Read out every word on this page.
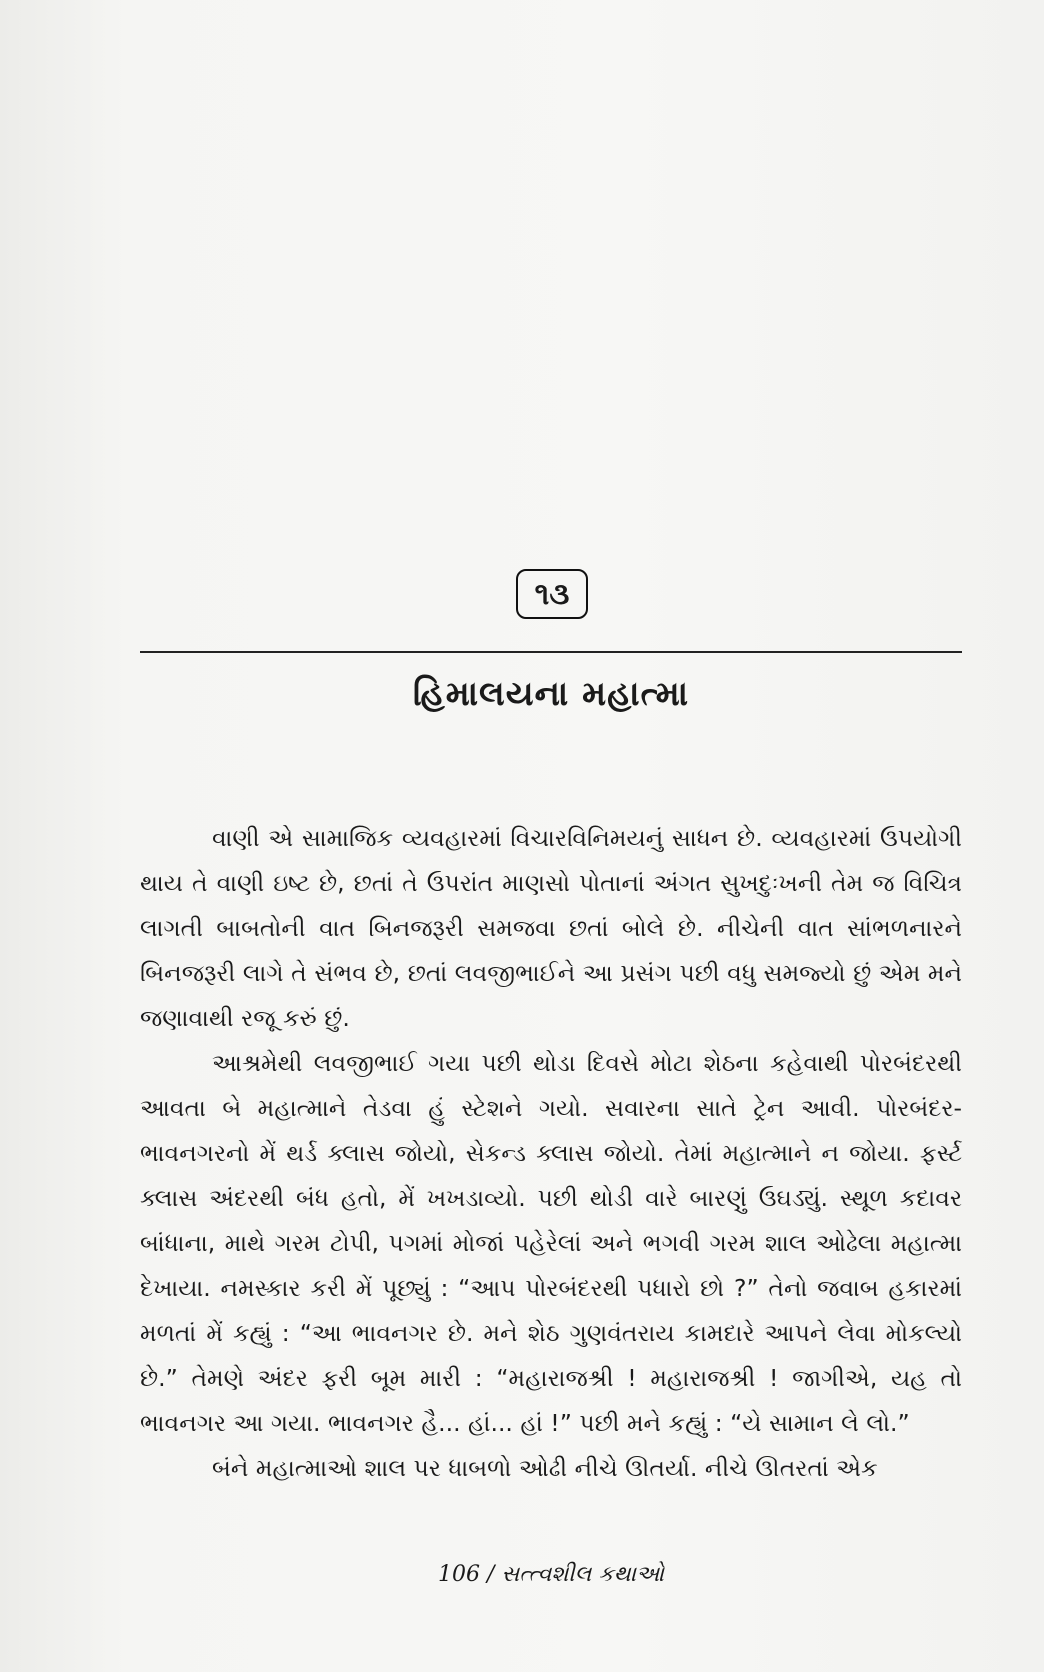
૧૩
હિમાલયના મહાત્મા

વાણી એ સામાજિક વ્યવહારમાં વિચારવિનિમયનું સાધન છે. વ્યવહારમાં ઉપયોગી થાય તે વાણી ઇષ્ટ છે, છતાં તે ઉપરાંત માણસો પોતાનાં અંગત સુખદુઃખની તેમ જ વિચિત્ર લાગતી બાબતોની વાત બિનજરૂરી સમજવા છતાં બોલે છે. નીચેની વાત સાંભળનારને બિનજરૂરી લાગે તે સંભવ છે, છતાં લવજીભાઈને આ પ્રસંગ પછી વધુ સમજ્યો છું એમ મને જણાવાથી રજૂ કરું છું.

આશ્રમેથી લવજીભાઈ ગયા પછી થોડા દિવસે મોટા શેઠના કહેવાથી પોરબંદરથી આવતા બે મહાત્માને તેડવા હું સ્ટેશને ગયો. સવારના સાતે ટ્રેન આવી. પોરબંદર-ભાવનગરનો મેં થર્ડ ક્લાસ જોયો, સેકન્ડ ક્લાસ જોયો. તેમાં મહાત્માને ન જોયા. ફર્સ્ટ ક્લાસ અંદરથી બંધ હતો, મેં ખખડાવ્યો. પછી થોડી વારે બારણું ઉઘડ્યું. સ્થૂળ કદાવર બાંધાના, માથે ગરમ ટોપી, પગમાં મોજાં પહેરેલાં અને ભગવી ગરમ શાલ ઓઢેલા મહાત્મા દેખાયા. નમસ્કાર કરી મેં પૂછ્યું : “આપ પોરબંદરથી પધારો છો ?” તેનો જવાબ હકારમાં મળતાં મેં કહ્યું : “આ ભાવનગર છે. મને શેઠ ગુણવંતરાય કામદારે આપને લેવા મોકલ્યો છે.” તેમણે અંદર ફરી બૂમ મારી : “મહારાજશ્રી ! મહારાજશ્રી ! જાગીએ, યહ તો ભાવનગર આ ગયા. ભાવનગર હૈ... હાં... હાં !” પછી મને કહ્યું : “યે સામાન લે લો.”

બંને મહાત્માઓ શાલ પર ધાબળો ઓઢી નીચે ઊતર્યા. નીચે ઊતરતાં એક

106 / સત્ત્વશીલ કથાઓ
